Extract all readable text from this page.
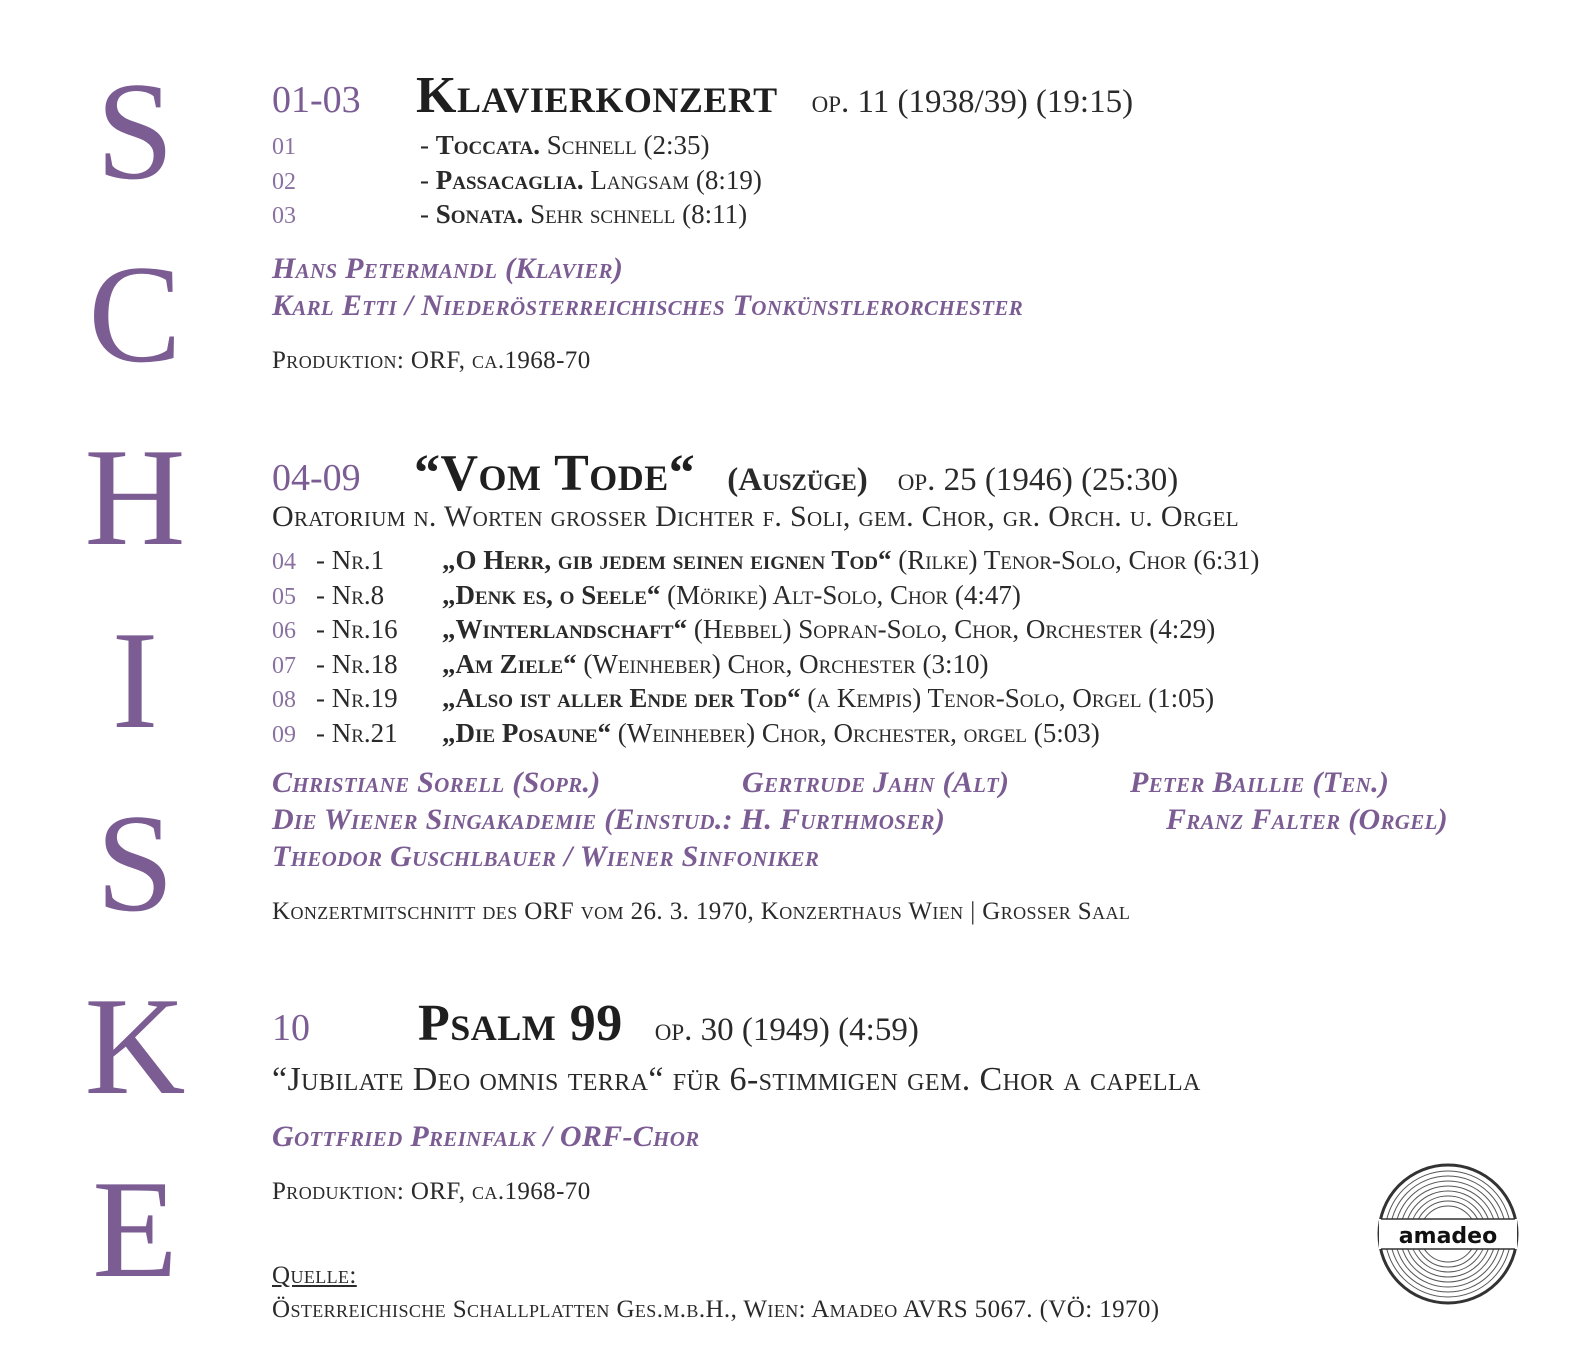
S
C
H
I
S
K
E
01-03 Klavierkonzert op. 11 (1938/39) (19:15)
01	- Toccata. Schnell (2:35)
02	- Passacaglia. Langsam (8:19)
03	- Sonata. Sehr schnell (8:11)
Hans Petermandl (Klavier)
Karl Etti / Niederösterreichisches Tonkünstlerorchester
Produktion: ORF, ca.1968-70
04-09 “Vom Tode“ (Auszüge) op. 25 (1946) (25:30)
Oratorium n. Worten grosser Dichter f. Soli, gem. Chor, gr. Orch. u. Orgel
04 - Nr.1 „O Herr, gib jedem seinen eignen Tod“ (Rilke) Tenor-Solo, Chor (6:31)
05 - Nr.8 „Denk es, o Seele“ (Mörike) Alt-Solo, Chor (4:47)
06 - Nr.16 „Winterlandschaft“ (Hebbel) Sopran-Solo, Chor, Orchester (4:29)
07 - Nr.18 „Am Ziele“ (Weinheber) Chor, Orchester (3:10)
08 - Nr.19 „Also ist aller Ende der Tod“ (a Kempis) Tenor-Solo, Orgel (1:05)
09 - Nr.21 „Die Posaune“ (Weinheber) Chor, Orchester, orgel (5:03)
Christiane Sorell (Sopr.)	Gertrude Jahn (Alt)	Peter Baillie (Ten.)
Die Wiener Singakademie (Einstud.: H. Furthmoser)	Franz Falter (Orgel)
Theodor Guschlbauer / Wiener Sinfoniker
Konzertmitschnitt des ORF vom 26. 3. 1970, Konzerthaus Wien | Grosser Saal
10 Psalm 99 op. 30 (1949) (4:59)
“Jubilate Deo omnis terra“ für 6-stimmigen gem. Chor a capella
Gottfried Preinfalk / ORF-Chor
Produktion: ORF, ca.1968-70
Quelle:
Österreichische Schallplatten Ges.m.b.H., Wien: Amadeo AVRS 5067. (VÖ: 1970)
amadeo
